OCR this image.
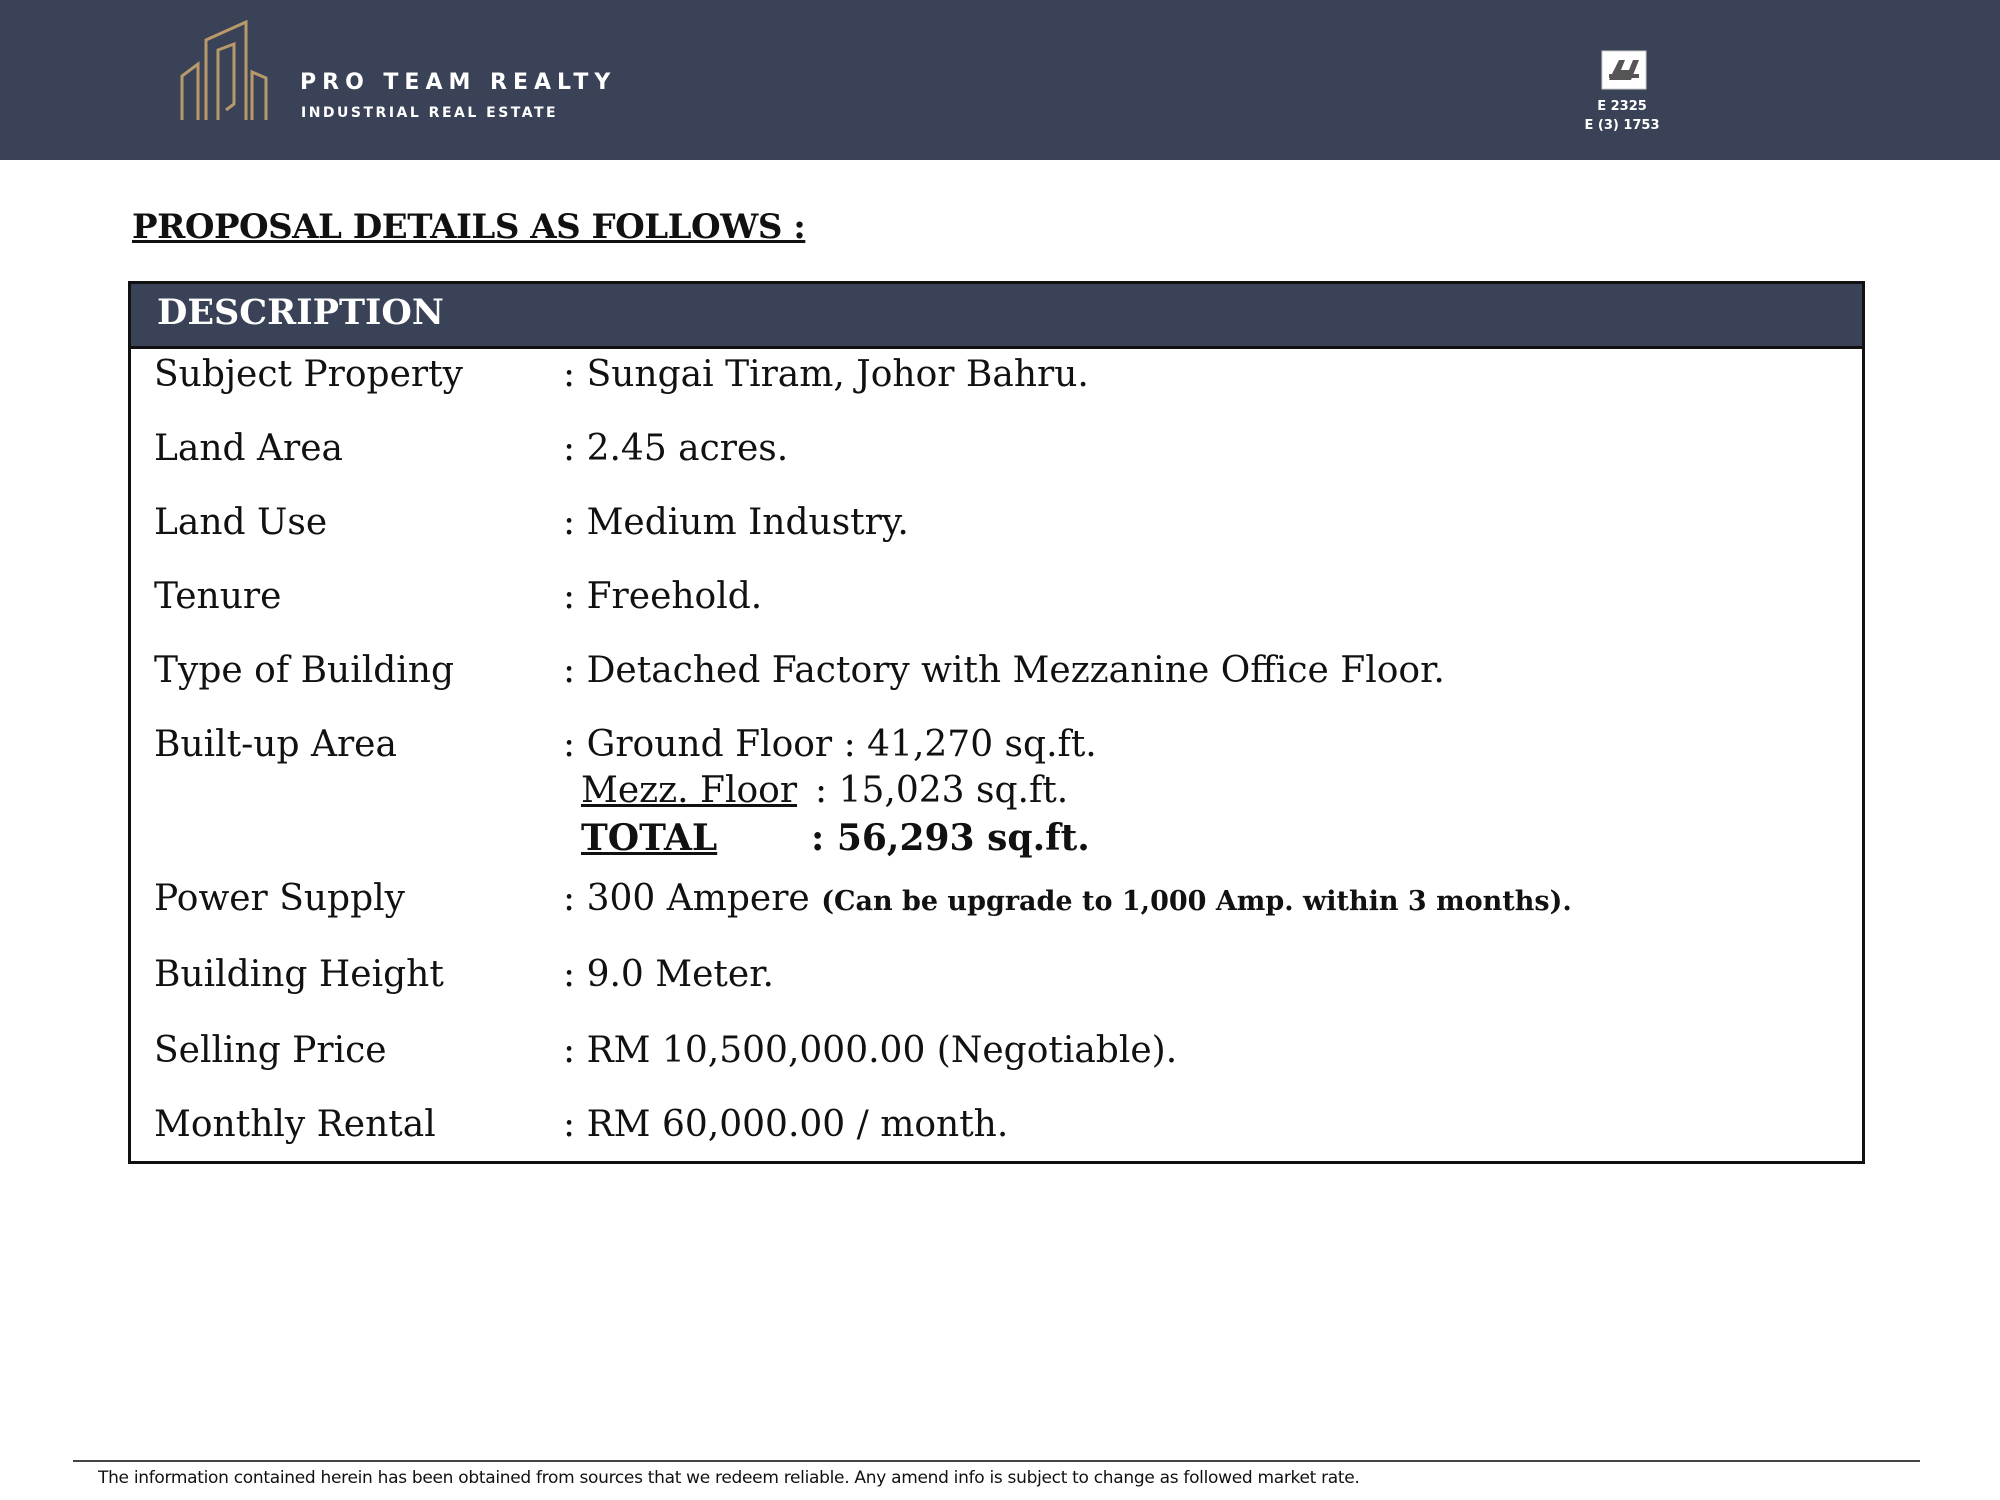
PRO TEAM REALTY
INDUSTRIAL REAL ESTATE	E 2325
E (3) 1753
PROPOSAL DETAILS AS FOLLOWS :
DESCRIPTION
Subject Property	: Sungai Tiram, Johor Bahru.
Land Area	: 2.45 acres.
Land Use	: Medium Industry.
Tenure	: Freehold.
Type of Building	: Detached Factory with Mezzanine Office Floor.
Built-up Area	: Ground Floor : 41,270 sq.ft.
Mezz. Floor : 15,023 sq.ft.
TOTAL	: 56,293 sq.ft.
Power Supply	: 300 Ampere (Can be upgrade to 1,000 Amp. within 3 months).
Building Height	: 9.0 Meter.
Selling Price	: RM 10,500,000.00 (Negotiable).
Monthly Rental	: RM 60,000.00 / month.
The information contained herein has been obtained from sources that we redeem reliable. Any amend info is subject to change as followed market rate.
